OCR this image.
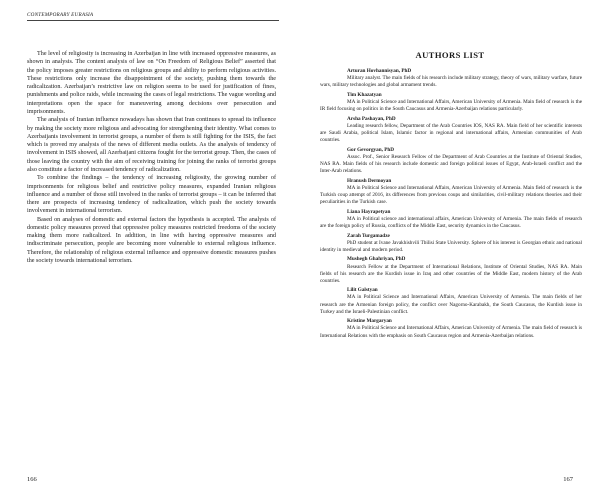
CONTEMPORARY EURASIA

The level of religiosity is increasing in Azerbaijan in line with increased oppressive measures, as shown in analysis. The content analysis of law on “On Freedom of Religious Belief” asserted that the policy imposes greater restrictions on religious groups and ability to perform religious activities. These restrictions only increase the disappointment of the society, pushing them towards the radicalization. Azerbaijan’s restrictive law on religion seems to be used for justification of fines, punishments and police raids, while increasing the cases of legal restrictions. The vague wording and interpretations open the space for maneuvering among decisions over persecution and imprisonments.

The analysis of Iranian influence nowadays has shown that Iran continues to spread its influence by making the society more religious and advocating for strengthening their identity. What comes to Azerbaijanis involvement in terrorist groups, a number of them is still fighting for the ISIS, the fact which is proved my analysis of the news of different media outlets. As the analysis of tendency of involvement in ISIS showed, all Azerbaijani citizens fought for the terrorist group. Then, the cases of those leaving the country with the aim of receiving training for joining the ranks of terrorist groups also constitute a factor of increased tendency of radicalization.

To combine the findings – the tendency of increasing religiosity, the growing number of imprisonments for religious belief and restrictive policy measures, expanded Iranian religious influence and a number of those still involved in the ranks of terrorist groups – it can be inferred that there are prospects of increasing tendency of radicalization, which push the society towards involvement in international terrorism.

Based on analyses of domestic and external factors the hypothesis is accepted. The analysis of domestic policy measures proved that oppressive policy measures restricted freedoms of the society making them more radicalized. In addition, in line with having oppressive measures and indiscriminate persecution, people are becoming more vulnerable to external religious influence. Therefore, the relationship of religious external influence and oppressive domestic measures pushes the society towards international terrorism.

166
AUTHORS LIST
Arturan Hovhannisyan, PhD
Military analyst. The main fields of his research include military strategy, theory of wars, military warfare, future wars, military technologies and global armament trends.
Tim Khazatyan
MA in Political Science and International Affairs, American University of Armenia. Main field of research is the IR field focusing on politics in the South Caucasus and Armenia-Azerbaijan relations particularly.
Arsha Pashayan, PhD
Leading research fellow, Department of the Arab Countries IOS, NAS RA. Main field of her scientific interests are Saudi Arabia, political Islam, Islamic factor in regional and international affairs, Armenian communities of Arab countries.
Gor Gevorgyan, PhD
Assoc. Prof., Senior Research Fellow of the Department of Arab Countries at the Institute of Oriental Studies, NAS RA. Main fields of his research include domestic and foreign political issues of Egypt, Arab-Israeli conflict and the Inter-Arab relations.
Hranush Dermoyan
MA in Political Science and International Affairs, American University of Armenia. Main field of research is the Turkish coup attempt of 2016, its differences from previous coups and similarities, civil-military relations theories and their peculiarities in the Turkish case.
Liana Hayrapetyan
MA in Political science and international affairs, American University of Armenia. The main fields of research are the foreign policy of Russia, conflicts of the Middle East, security dynamics in the Caucasus.
Zarah Turgamadze
PhD student at Ivane Javakhishvili Tbilisi State University. Sphere of his interest is Georgian ethnic and national identity in medieval and modern period.
Mushegh Ghahriyan, PhD
Research Fellow at the Department of International Relations, Institute of Oriental Studies, NAS RA. Main fields of his research are the Kurdish issue in Iraq and other countries of the Middle East, modern history of the Arab countries.
Lilit Galstyan
MA in Political Science and International Affairs, American University of Armenia. The main fields of her research are the Armenian foreign policy, the conflict over Nagorno-Karabakh, the South Caucasus, the Kurdish issue in Turkey and the Israeli-Palestinian conflict.
Kristine Margaryan
MA in Political Science and International Affairs, American University of Armenia. The main field of research is International Relations with the emphasis on South Caucasus region and Armenia-Azerbaijan relations.
167
